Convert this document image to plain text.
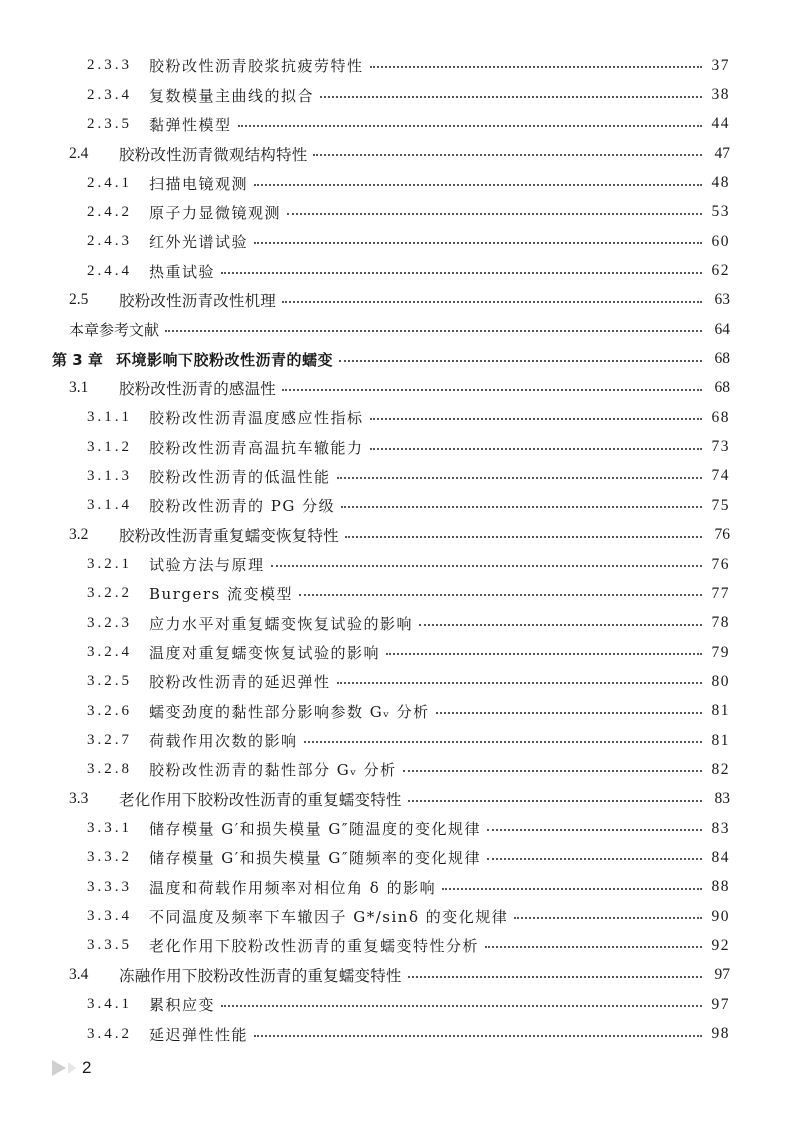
2.3.3	胶粉改性沥青胶浆抗疲劳特性	37
2.3.4	复数模量主曲线的拟合	38
2.3.5	黏弹性模型	44
2.4	胶粉改性沥青微观结构特性	47
2.4.1	扫描电镜观测	48
2.4.2	原子力显微镜观测	53
2.4.3	红外光谱试验	60
2.4.4	热重试验	62
2.5	胶粉改性沥青改性机理	63
本章参考文献	64
第 3 章 环境影响下胶粉改性沥青的蠕变	68
3.1	胶粉改性沥青的感温性	68
3.1.1	胶粉改性沥青温度感应性指标	68
3.1.2	胶粉改性沥青高温抗车辙能力	73
3.1.3	胶粉改性沥青的低温性能	74
3.1.4	胶粉改性沥青的 PG 分级	75
3.2	胶粉改性沥青重复蠕变恢复特性	76
3.2.1	试验方法与原理	76
3.2.2	Burgers 流变模型	77
3.2.3	应力水平对重复蠕变恢复试验的影响	78
3.2.4	温度对重复蠕变恢复试验的影响	79
3.2.5	胶粉改性沥青的延迟弹性	80
3.2.6	蠕变劲度的黏性部分影响参数 Gᵥ 分析	81
3.2.7	荷载作用次数的影响	81
3.2.8	胶粉改性沥青的黏性部分 Gᵥ 分析	82
3.3	老化作用下胶粉改性沥青的重复蠕变特性	83
3.3.1	储存模量 G′和损失模量 G″随温度的变化规律	83
3.3.2	储存模量 G′和损失模量 G″随频率的变化规律	84
3.3.3	温度和荷载作用频率对相位角 δ 的影响	88
3.3.4	不同温度及频率下车辙因子 G*/sinδ 的变化规律	90
3.3.5	老化作用下胶粉改性沥青的重复蠕变特性分析	92
3.4	冻融作用下胶粉改性沥青的重复蠕变特性	97
3.4.1	累积应变	97
3.4.2	延迟弹性性能	98
2
